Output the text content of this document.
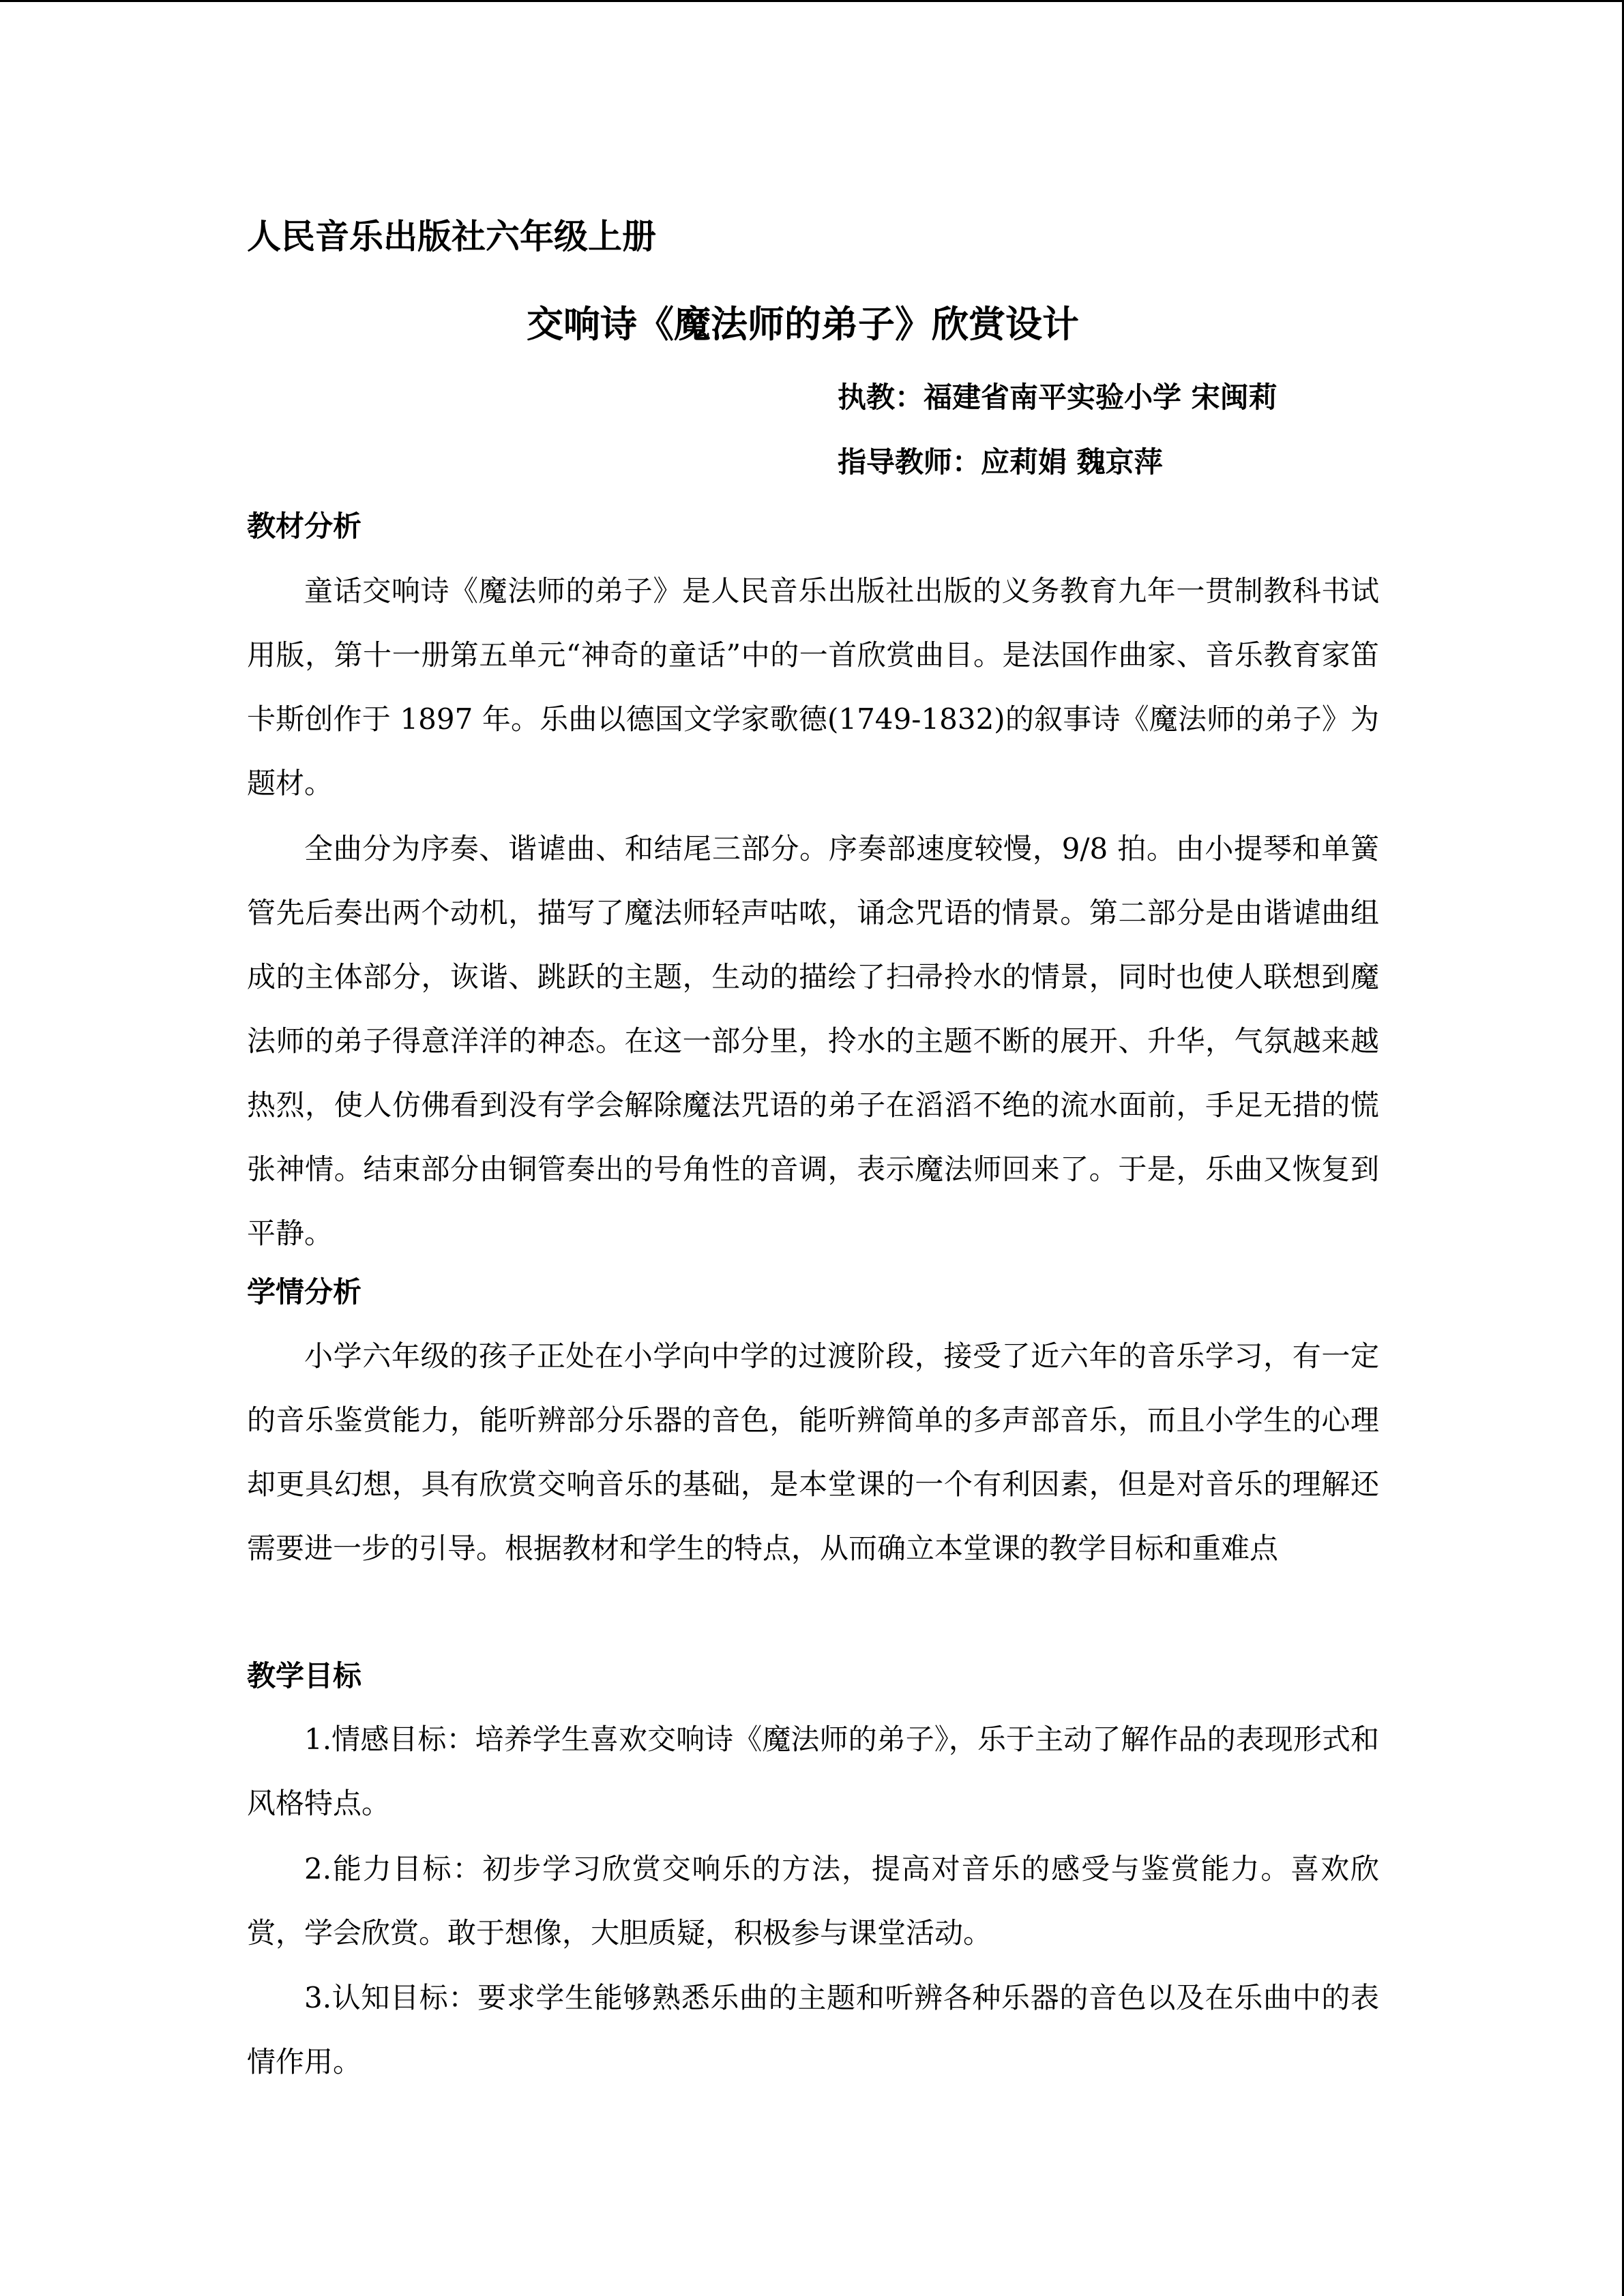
人民音乐出版社六年级上册
交响诗《魔法师的弟子》欣赏设计
执教：福建省南平实验小学 宋闽莉
指导教师：应莉娟 魏京萍
教材分析

童话交响诗《魔法师的弟子》是人民音乐出版社出版的义务教育九年一贯制教科书试用版，第十一册第五单元“神奇的童话”中的一首欣赏曲目。是法国作曲家、音乐教育家笛卡斯创作于 1897 年。乐曲以德国文学家歌德(1749-1832)的叙事诗《魔法师的弟子》为题材。

全曲分为序奏、谐谑曲、和结尾三部分。序奏部速度较慢，9/8 拍。由小提琴和单簧管先后奏出两个动机，描写了魔法师轻声咕哝，诵念咒语的情景。第二部分是由谐谑曲组成的主体部分，诙谐、跳跃的主题，生动的描绘了扫帚拎水的情景，同时也使人联想到魔法师的弟子得意洋洋的神态。在这一部分里，拎水的主题不断的展开、升华，气氛越来越热烈，使人仿佛看到没有学会解除魔法咒语的弟子在滔滔不绝的流水面前，手足无措的慌张神情。结束部分由铜管奏出的号角性的音调，表示魔法师回来了。于是，乐曲又恢复到平静。

学情分析

小学六年级的孩子正处在小学向中学的过渡阶段，接受了近六年的音乐学习，有一定的音乐鉴赏能力，能听辨部分乐器的音色，能听辨简单的多声部音乐，而且小学生的心理却更具幻想，具有欣赏交响音乐的基础，是本堂课的一个有利因素，但是对音乐的理解还需要进一步的引导。根据教材和学生的特点，从而确立本堂课的教学目标和重难点

教学目标

1.情感目标：培养学生喜欢交响诗《魔法师的弟子》，乐于主动了解作品的表现形式和风格特点。

2.能力目标：初步学习欣赏交响乐的方法，提高对音乐的感受与鉴赏能力。喜欢欣赏，学会欣赏。敢于想像，大胆质疑，积极参与课堂活动。

3.认知目标：要求学生能够熟悉乐曲的主题和听辨各种乐器的音色以及在乐曲中的表情作用。
